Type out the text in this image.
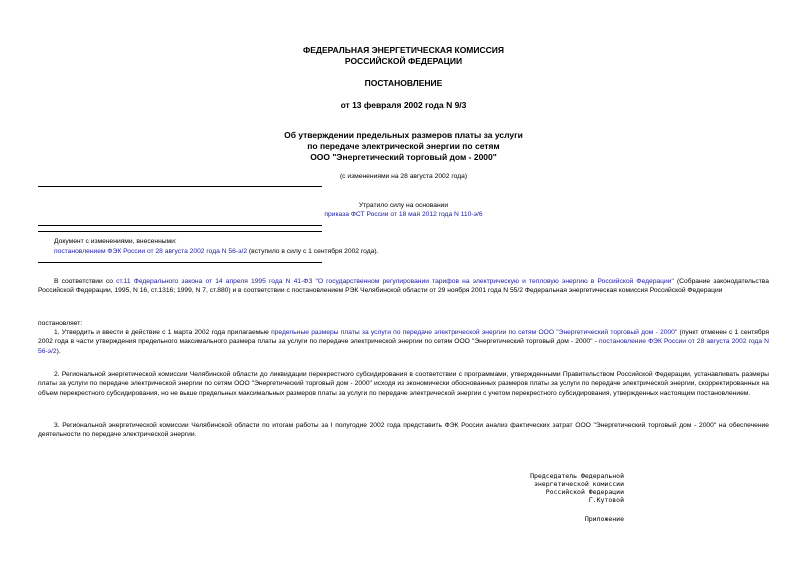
ФЕДЕРАЛЬНАЯ ЭНЕРГЕТИЧЕСКАЯ КОМИССИЯ
РОССИЙСКОЙ ФЕДЕРАЦИИ
ПОСТАНОВЛЕНИЕ
от 13 февраля 2002 года N 9/3
Об утверждении предельных размеров платы за услуги
по передаче электрической энергии по сетям
ООО "Энергетический торговый дом - 2000"
(с изменениями на 28 августа 2002 года)
Утратило силу на основании
приказа ФСТ России от 18 мая 2012 года N 110-э/6
Документ с изменениями, внесенными:
постановлением ФЭК России от 28 августа 2002 года N 56-э/2 (вступило в силу с 1 сентября 2002 года).
В соответствии со ст.11 Федерального закона от 14 апреля 1995 года N 41-ФЗ "О государственном регулировании тарифов на электрическую и тепловую энергию в Российской Федерации" (Собрание законодательства Российской Федерации, 1995, N 16, ст.1316; 1999, N 7, ст.880) и в соответствии с постановлением РЭК Челябинской области от 29 ноября 2001 года N 55/2 Федеральная энергетическая комиссия Российской Федерации
постановляет:
1. Утвердить и ввести в действие с 1 марта 2002 года прилагаемые предельные размеры платы за услуги по передаче электрической энергии по сетям ООО "Энергетический торговый дом - 2000" (пункт отменен с 1 сентября 2002 года в части утверждения предельного максимального размера платы за услуги по передаче электрической энергии по сетям ООО "Энергетический торговый дом - 2000" - постановление ФЭК России от 28 августа 2002 года N 56-э/2).
2. Региональной энергетической комиссии Челябинской области до ликвидации перекрестного субсидирования в соответствии с программами, утвержденными Правительством Российской Федерации, устанавливать размеры платы за услуги по передаче электрической энергии по сетям ООО "Энергетический торговый дом - 2000" исходя из экономически обоснованных размеров платы за услуги по передаче электрической энергии, скорректированных на объем перекрестного субсидирования, но не выше предельных максимальных размеров платы за услуги по передаче электрической энергии с учетом перекрестного субсидирования, утвержденных настоящим постановлением.
3. Региональной энергетической комиссии Челябинской области по итогам работы за I полугодие 2002 года представить ФЭК России анализ фактических затрат ООО "Энергетический торговый дом - 2000" на обеспечение деятельности по передаче электрической энергии.
Председатель Федеральной
энергетической комиссии
Российской Федерации
Г.Кутовой
Приложение
